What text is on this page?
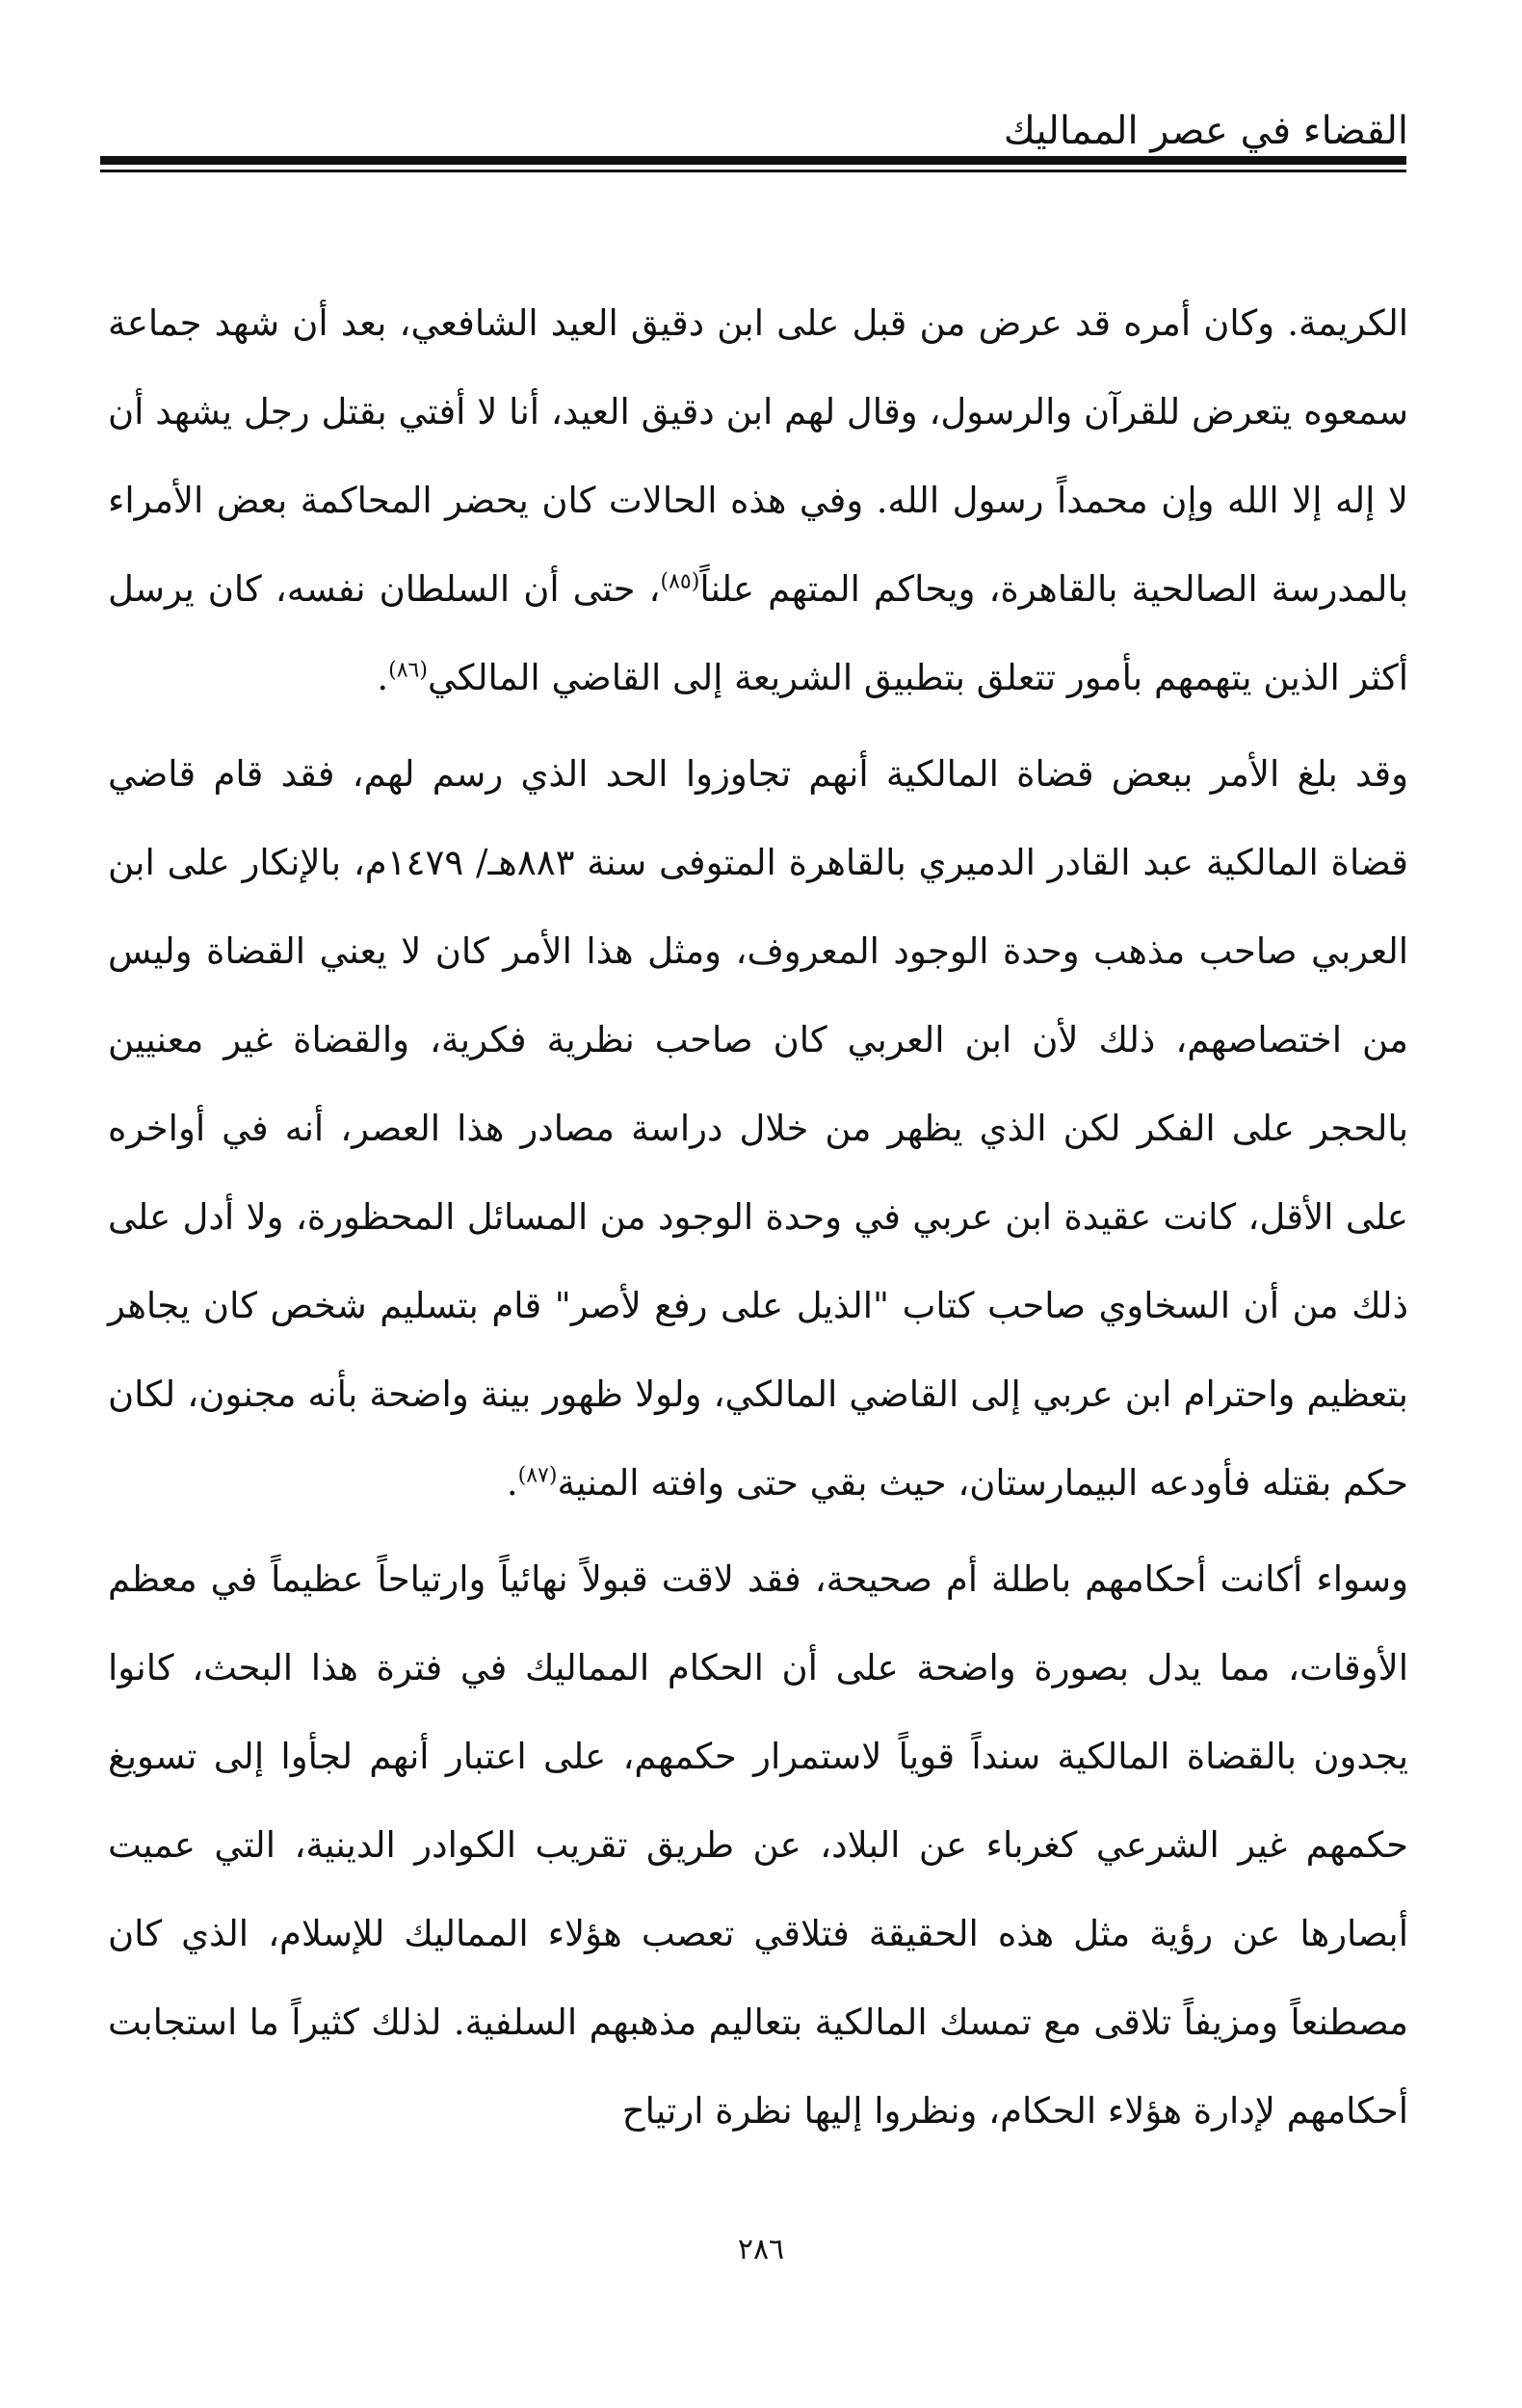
القضاء في عصر المماليك

الكريمة. وكان أمره قد عرض من قبل على ابن دقيق العيد الشافعي، بعد أن شهد جماعة سمعوه يتعرض للقرآن والرسول، وقال لهم ابن دقيق العيد، أنا لا أفتي بقتل رجل يشهد أن لا إله إلا الله وإن محمداً رسول الله. وفي هذه الحالات كان يحضر المحاكمة بعض الأمراء بالمدرسة الصالحية بالقاهرة، ويحاكم المتهم علناً$^{(٨٥)}$، حتى أن السلطان نفسه، كان يرسل أكثر الذين يتهمهم بأمور تتعلق بتطبيق الشريعة إلى القاضي المالكي$^{(٨٦)}$.

وقد بلغ الأمر ببعض قضاة المالكية أنهم تجاوزوا الحد الذي رسم لهم، فقد قام قاضي قضاة المالكية عبد القادر الدميري بالقاهرة المتوفى سنة ٨٨٣هـ/ ١٤٧٩م، بالإنكار على ابن العربي صاحب مذهب وحدة الوجود المعروف، ومثل هذا الأمر كان لا يعني القضاة وليس من اختصاصهم، ذلك لأن ابن العربي كان صاحب نظرية فكرية، والقضاة غير معنيين بالحجر على الفكر لكن الذي يظهر من خلال دراسة مصادر هذا العصر، أنه في أواخره على الأقل، كانت عقيدة ابن عربي في وحدة الوجود من المسائل المحظورة، ولا أدل على ذلك من أن السخاوي صاحب كتاب "الذيل على رفع لأصر" قام بتسليم شخص كان يجاهر بتعظيم واحترام ابن عربي إلى القاضي المالكي، ولولا ظهور بينة واضحة بأنه مجنون، لكان حكم بقتله فأودعه البيمارستان، حيث بقي حتى وافته المنية$^{(٨٧)}$.

وسواء أكانت أحكامهم باطلة أم صحيحة، فقد لاقت قبولاً نهائياً وارتياحاً عظيماً في معظم الأوقات، مما يدل بصورة واضحة على أن الحكام المماليك في فترة هذا البحث، كانوا يجدون بالقضاة المالكية سنداً قوياً لاستمرار حكمهم، على اعتبار أنهم لجأوا إلى تسويغ حكمهم غير الشرعي كغرباء عن البلاد، عن طريق تقريب الكوادر الدينية، التي عميت أبصارها عن رؤية مثل هذه الحقيقة فتلاقي تعصب هؤلاء المماليك للإسلام، الذي كان مصطنعاً ومزيفاً تلاقى مع تمسك المالكية بتعاليم مذهبهم السلفية. لذلك كثيراً ما استجابت أحكامهم لإدارة هؤلاء الحكام، ونظروا إليها نظرة ارتياح

٢٨٦
